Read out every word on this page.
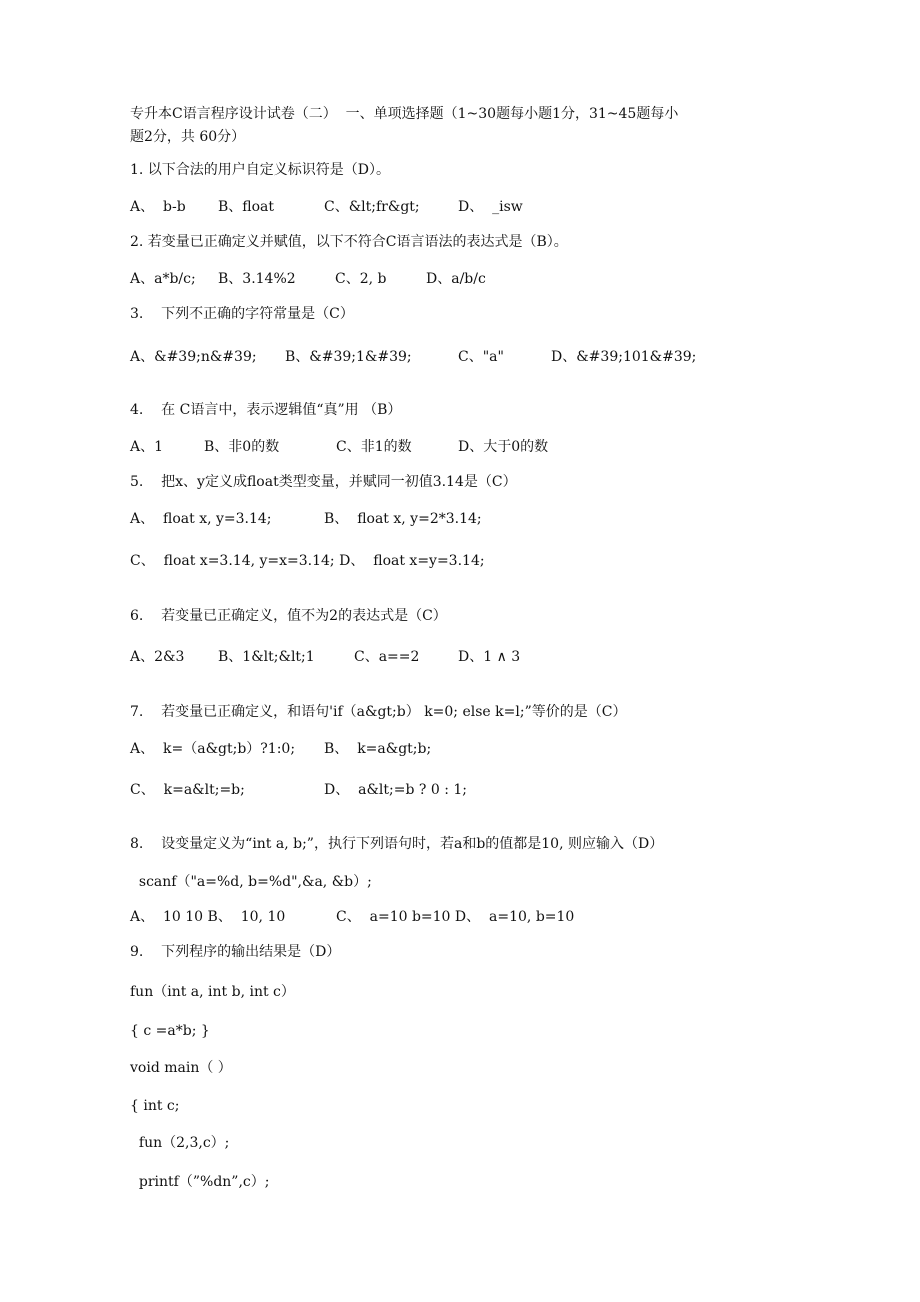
专升本C语言程序设计试卷（二）  一、单项选择题（1~30题每小题1分，31~45题每小
题2分，共 60分）
1. 以下合法的用户自定义标识符是（D）。

A、  b-b

B、float

	C、&lt;fr&gt;

	D、  _isw

2. 若变量已正确定义并赋值，以下不符合C语言语法的表达式是（B）。

A、a*b/c;

B、3.14%2

	C、2, b

	D、a/b/c

3.    下列不正确的字符常量是（C）

A、&#39;n&#39;

B、&#39;1&#39;

	C、"a"

	D、&#39;101&#39;

4.    在 C语言中，表示逻辑值“真”用 （B）

A、1

	B、非0的数

	C、非1的数

	D、大于0的数

5.    把x、y定义成float类型变量，并赋同一初值3.14是（C）

A、  float x, y=3.14;

	B、  float x, y=2*3.14;

C、  float x=3.14, y=x=3.14; D、  float x=y=3.14;

6.    若变量已正确定义，值不为2的表达式是（C）

A、2&3

B、1&lt;&lt;1

	C、a==2

	D、1 ∧ 3

7.    若变量已正确定义，和语句'if（a&gt;b） k=0; else k=l;”等价的是（C）

A、  k=（a&gt;b）?1:0;

B、  k=a&gt;b;

C、  k=a&lt;=b;

	D、  a&lt;=b ? 0 : 1;

8.    设变量定义为“int a, b;”，执行下列语句时，若a和b的值都是10, 则应输入（D）
scanf（"a=%d, b=%d",&a, &b）;

A、  10 10 B、  10, 10

	C、  a=10 b=10 D、  a=10, b=10

9.    下列程序的输出结果是（D）
fun（int a, int b, int c）
{ c =a*b; }
void main（ ）
{ int c;
fun（2,3,c）;
printf（”%dn”,c）;
